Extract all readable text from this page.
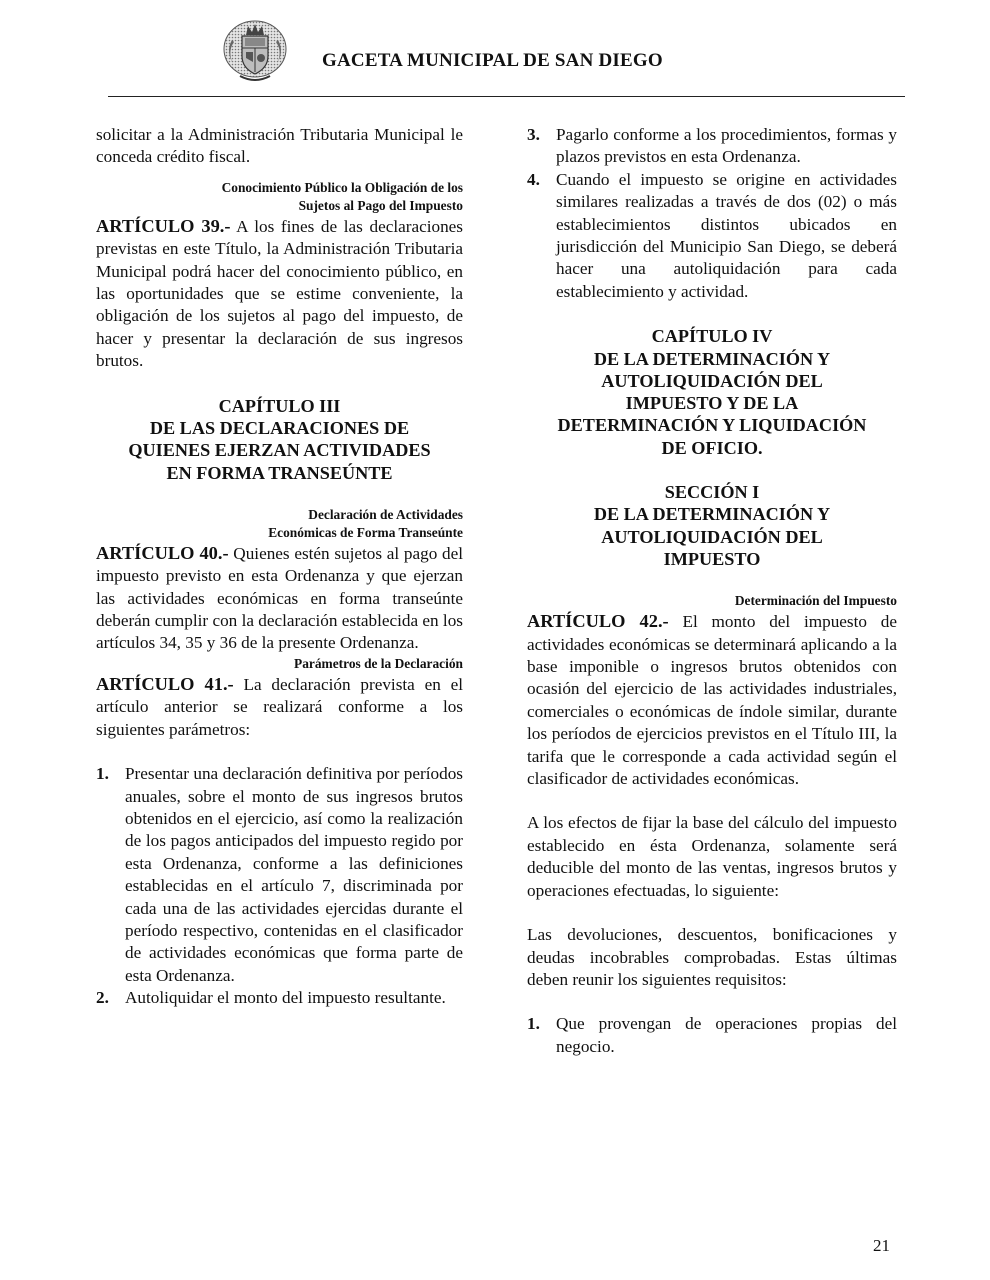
GACETA MUNICIPAL DE SAN DIEGO

solicitar a la Administración Tributaria Municipal le conceda crédito fiscal.

Conocimiento Público la Obligación de los
Sujetos al Pago del Impuesto

ARTÍCULO 39.- A los fines de las declaraciones previstas en este Título, la Administración Tributaria Municipal podrá hacer del conocimiento público, en las oportunidades que se estime conveniente, la obligación de los sujetos al pago del impuesto, de hacer y presentar la declaración de sus ingresos brutos.

CAPÍTULO III
DE LAS DECLARACIONES DE
QUIENES EJERZAN ACTIVIDADES
EN FORMA TRANSEÚNTE
Declaración de Actividades
Económicas de Forma Transeúnte

ARTÍCULO 40.- Quienes estén sujetos al pago del impuesto previsto en esta Ordenanza y que ejerzan las actividades económicas en forma transeúnte deberán cumplir con la declaración establecida en los artículos 34, 35 y 36 de la presente Ordenanza.

Parámetros de la Declaración

ARTÍCULO 41.- La declaración prevista en el artículo anterior se realizará conforme a los siguientes parámetros:

1. Presentar una declaración definitiva por períodos anuales, sobre el monto de sus ingresos brutos obtenidos en el ejercicio, así como la realización de los pagos anticipados del impuesto regido por esta Ordenanza, conforme a las definiciones establecidas en el artículo 7, discriminada por cada una de las actividades ejercidas durante el período respectivo, contenidas en el clasificador de actividades económicas que forma parte de esta Ordenanza.
2. Autoliquidar el monto del impuesto resultante.
3. Pagarlo conforme a los procedimientos, formas y plazos previstos en esta Ordenanza.
4. Cuando el impuesto se origine en actividades similares realizadas a través de dos (02) o más establecimientos distintos ubicados en jurisdicción del Municipio San Diego, se deberá hacer una autoliquidación para cada establecimiento y actividad.
CAPÍTULO IV
DE LA DETERMINACIÓN Y
AUTOLIQUIDACIÓN DEL
IMPUESTO Y DE LA
DETERMINACIÓN Y LIQUIDACIÓN
DE OFICIO.
SECCIÓN I
DE LA DETERMINACIÓN Y
AUTOLIQUIDACIÓN DEL
IMPUESTO
Determinación del Impuesto

ARTÍCULO 42.- El monto del impuesto de actividades económicas se determinará aplicando a la base imponible o ingresos brutos obtenidos con ocasión del ejercicio de las actividades industriales, comerciales o económicas de índole similar, durante los períodos de ejercicios previstos en el Título III, la tarifa que le corresponde a cada actividad según el clasificador de actividades económicas.

A los efectos de fijar la base del cálculo del impuesto establecido en ésta Ordenanza, solamente será deducible del monto de las ventas, ingresos brutos y operaciones efectuadas, lo siguiente:

Las devoluciones, descuentos, bonificaciones y deudas incobrables comprobadas. Estas últimas deben reunir los siguientes requisitos:

1. Que provengan de operaciones propias del negocio.
21
